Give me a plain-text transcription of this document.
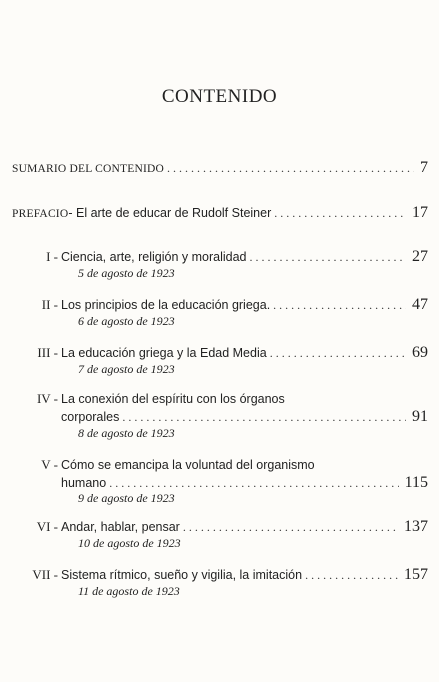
CONTENIDO
SUMARIO DEL CONTENIDO . . .	7
PREFACIO - El arte de educar de Rudolf Steiner . . .	17
I - Ciencia, arte, religión y moralidad . . .	27
5 de agosto de 1923
II - Los principios de la educación griega. . . .	47
6 de agosto de 1923
III - La educación griega y la Edad Media . . .	69
7 de agosto de 1923
IV - La conexión del espíritu con los órganos
corporales . . .	91
8 de agosto de 1923
V - Cómo se emancipa la voluntad del organismo
humano . . .	115
9 de agosto de 1923
VI - Andar, hablar, pensar . . .	137
10 de agosto de 1923
VII - Sistema rítmico, sueño y vigilia, la imitación . . .	157
11 de agosto de 1923
